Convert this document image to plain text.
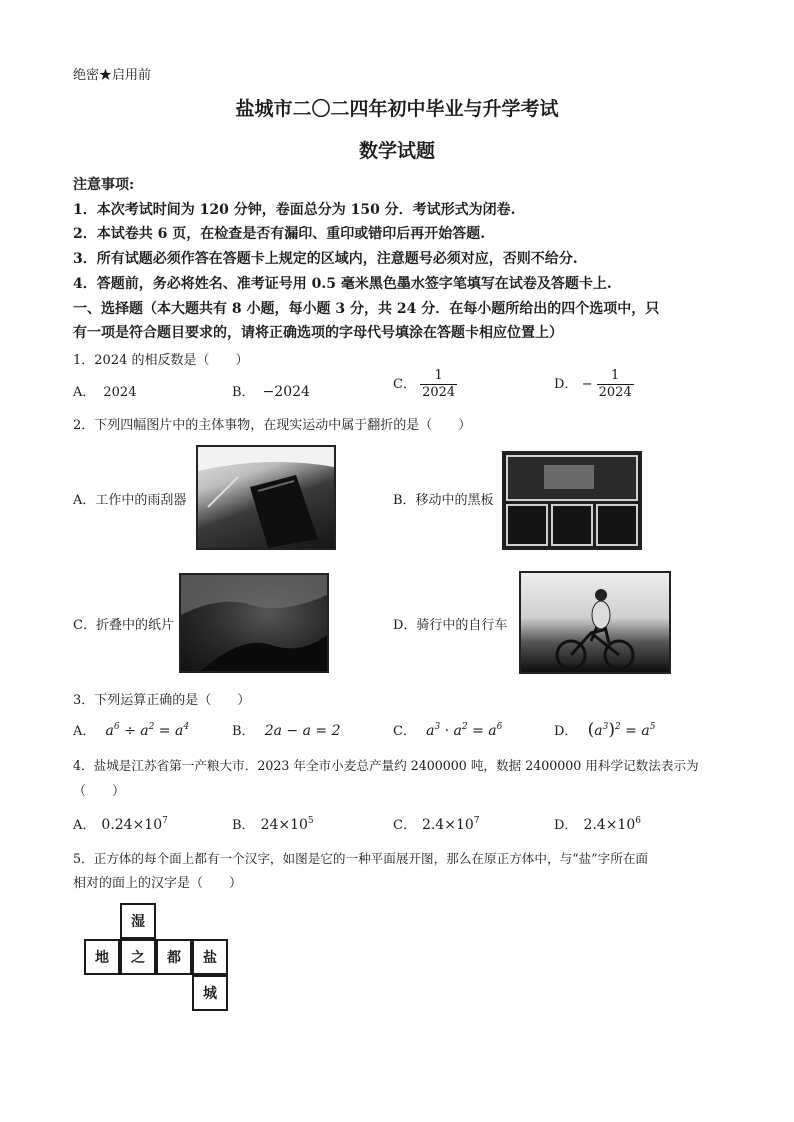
绝密★启用前
盐城市二〇二四年初中毕业与升学考试
数学试题
注意事项:
1．本次考试时间为 120 分钟，卷面总分为 150 分．考试形式为闭卷.
2．本试卷共 6 页，在检查是否有漏印、重印或错印后再开始答题.
3．所有试题必须作答在答题卡上规定的区域内，注意题号必须对应，否则不给分.
4．答题前，务必将姓名、准考证号用 0.5 毫米黑色墨水签字笔填写在试卷及答题卡上.
一、选择题（本大题共有 8 小题，每小题 3 分，共 24 分．在每小题所给出的四个选项中，只
有一项是符合题目要求的，请将正确选项的字母代号填涂在答题卡相应位置上）
1．2024 的相反数是（　　）
A． 2024	B． −2024	C． $\frac{1}{2024}$	D． − $\frac{1}{2024}$
2．下列四幅图片中的主体事物，在现实运动中属于翻折的是（　　）
A．工作中的雨刮器	B．移动中的黑板
C．折叠中的纸片	D．骑行中的自行车
3．下列运算正确的是（　　）
A． $a^6 \div a^2 = a^4$	B． 2a − a = 2	C． $a^3 \cdot a^2 = a^6$	D． $(a^3)^2 = a^5$
4．盐城是江苏省第一产粮大市．2023 年全市小麦总产量约 2400000 吨，数据 2400000 用科学记数法表示为
（　　）
A． $0.24\times 10^7$	B． $24\times 10^5$	C． $2.4\times 10^7$	D． $2.4\times 10^6$
5．正方体的每个面上都有一个汉字，如图是它的一种平面展开图，那么在原正方体中，与“盐”字所在面
相对的面上的汉字是（　　）
湿
地	之	都	盐
城
